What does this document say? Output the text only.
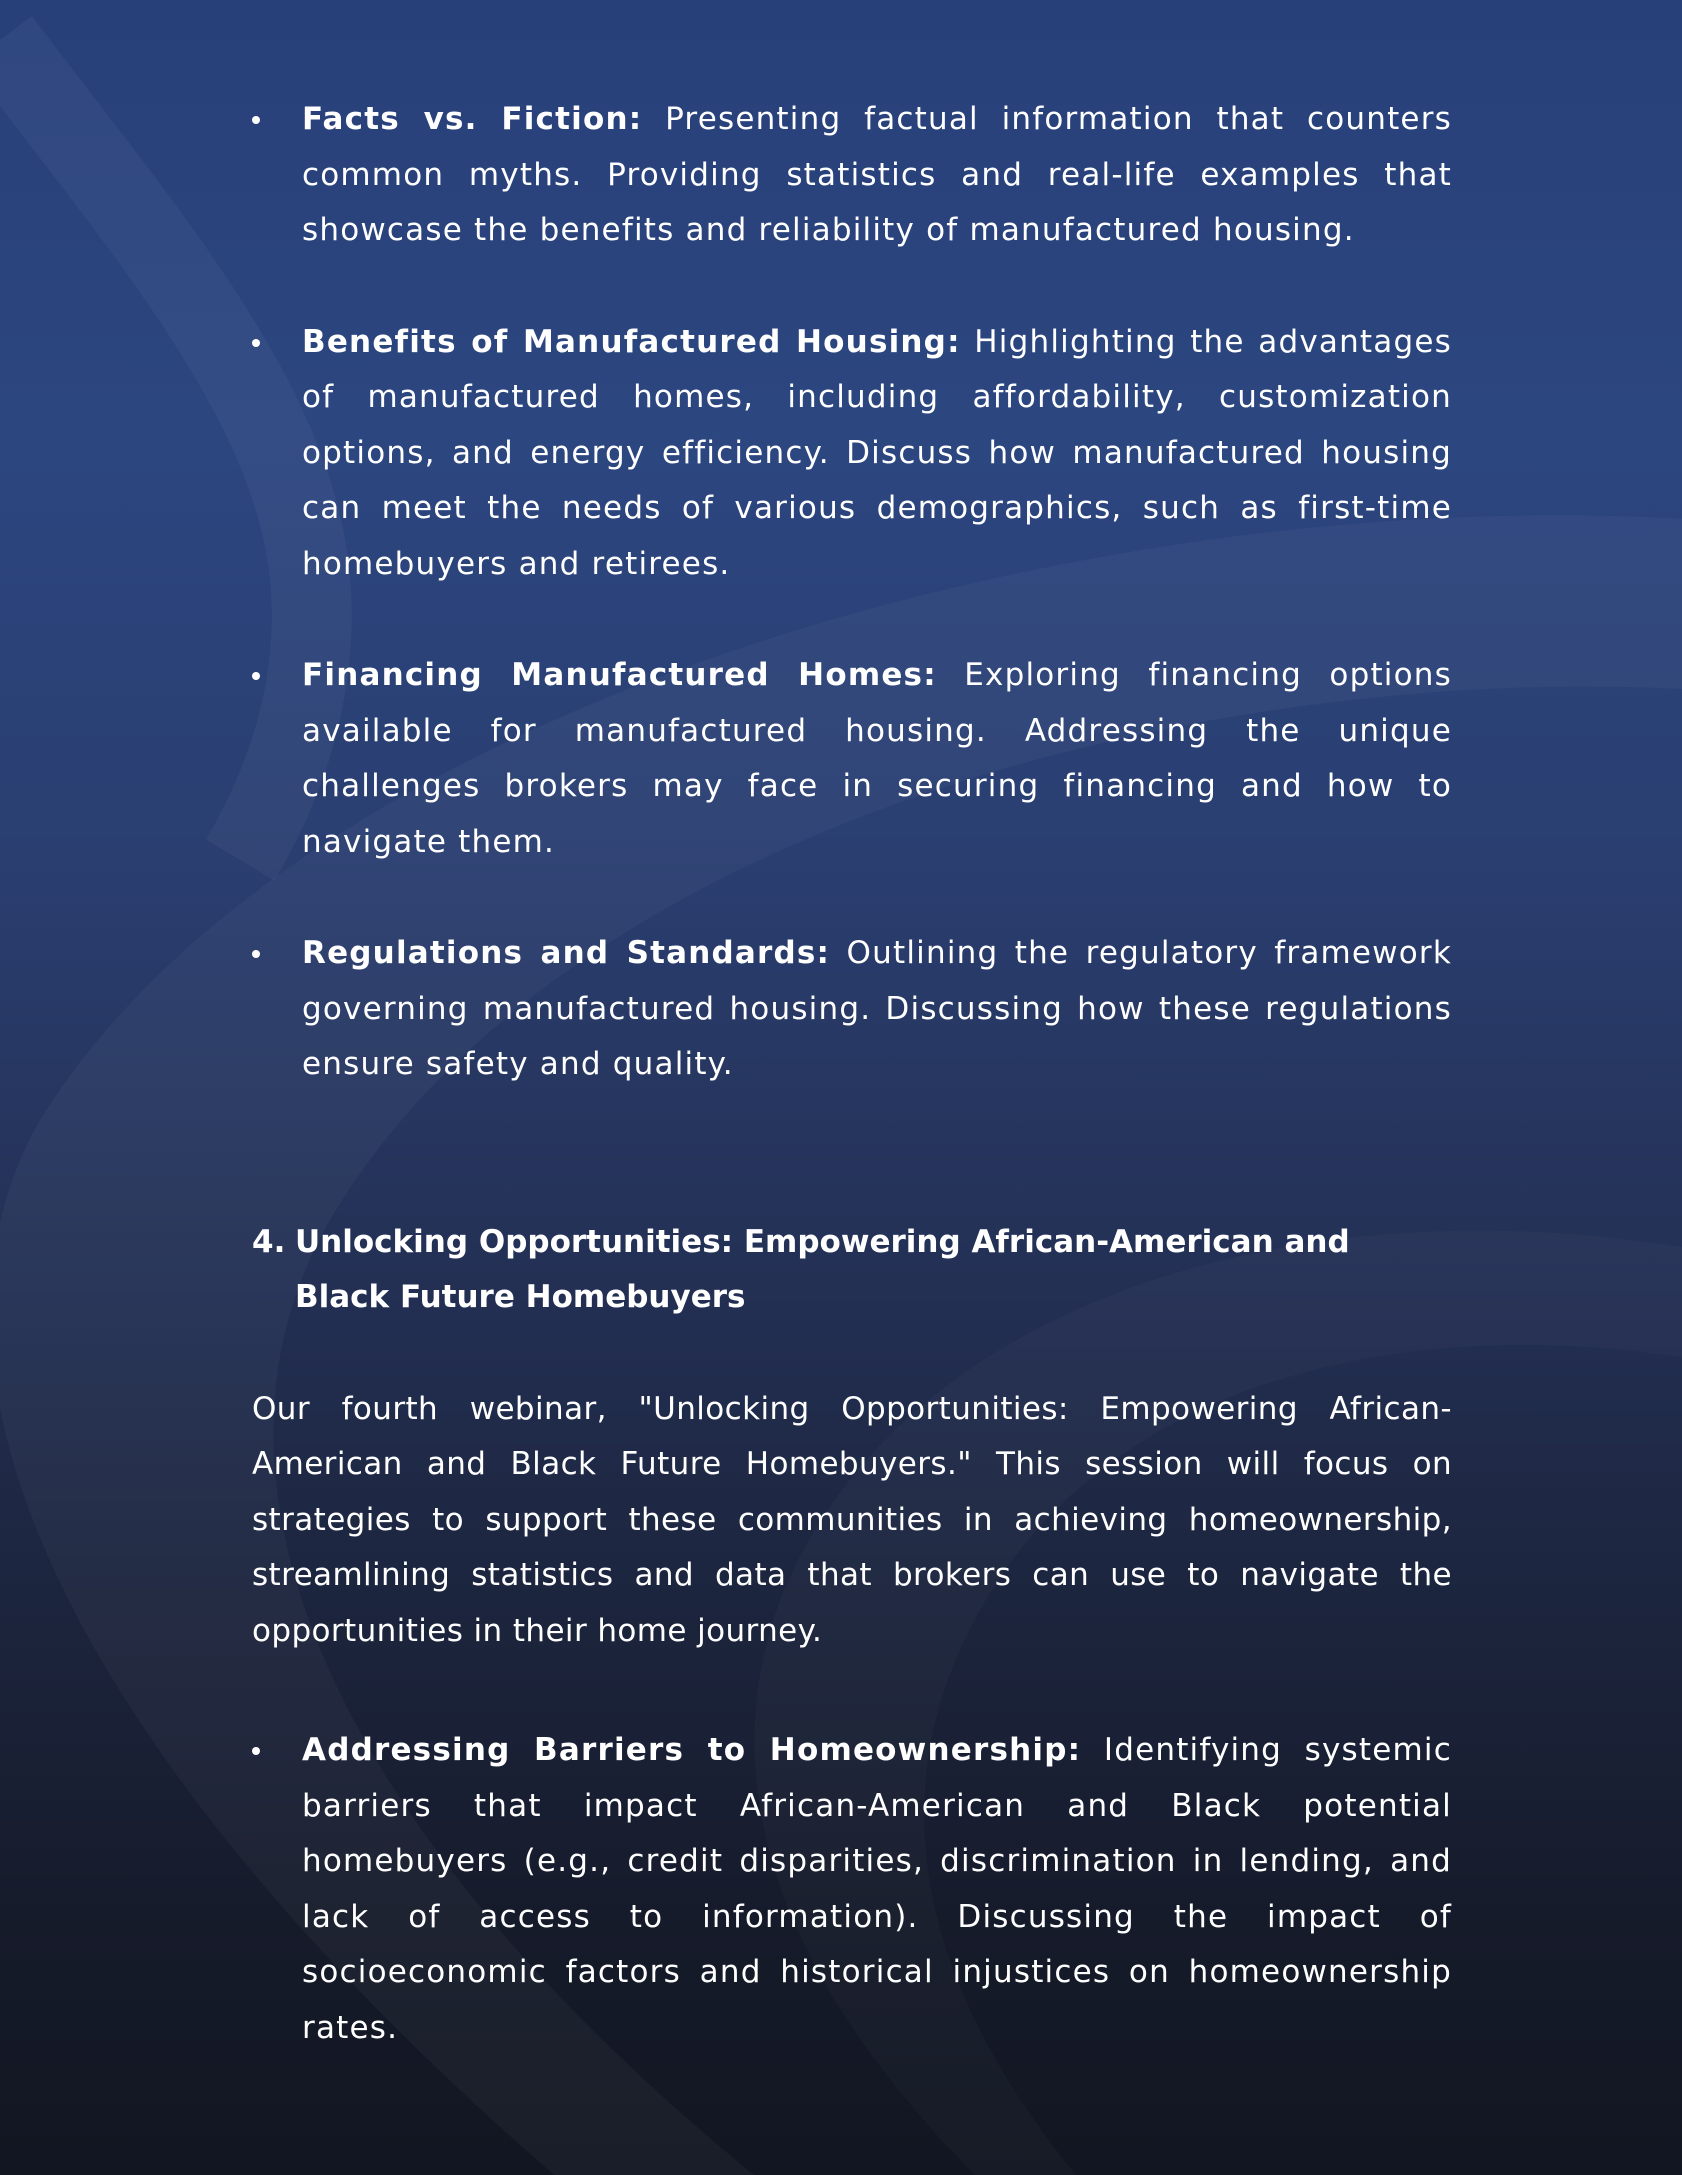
Facts vs. Fiction: Presenting factual information that counters common myths. Providing statistics and real-life examples that showcase the benefits and reliability of manufactured housing.
Benefits of Manufactured Housing: Highlighting the advantages of manufactured homes, including affordability, customization options, and energy efficiency. Discuss how manufactured housing can meet the needs of various demographics, such as first-time homebuyers and retirees.
Financing Manufactured Homes: Exploring financing options available for manufactured housing. Addressing the unique challenges brokers may face in securing financing and how to navigate them.
Regulations and Standards: Outlining the regulatory framework governing manufactured housing. Discussing how these regulations ensure safety and quality.
4. Unlocking Opportunities: Empowering African-American and Black Future Homebuyers

Our fourth webinar, "Unlocking Opportunities: Empowering African-American and Black Future Homebuyers." This session will focus on strategies to support these communities in achieving homeownership, streamlining statistics and data that brokers can use to navigate the opportunities in their home journey.

Addressing Barriers to Homeownership: Identifying systemic barriers that impact African-American and Black potential homebuyers (e.g., credit disparities, discrimination in lending, and lack of access to information). Discussing the impact of socioeconomic factors and historical injustices on homeownership rates.
